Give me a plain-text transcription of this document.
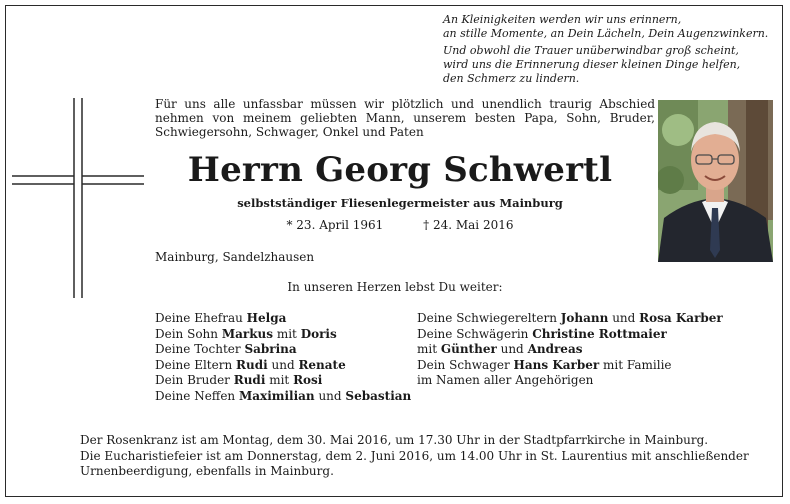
An Kleinigkeiten werden wir uns erinnern,
an stille Momente, an Dein Lächeln, Dein Augenzwinkern.

Und obwohl die Trauer unüberwindbar groß scheint,
wird uns die Erinnerung dieser kleinen Dinge helfen,
den Schmerz zu lindern.

Für uns alle unfassbar müssen wir plötzlich und unendlich traurig Abschied nehmen von meinem geliebten Mann, unserem besten Papa, Sohn, Bruder, Schwiegersohn, Schwager, Onkel und Paten
Herrn Georg Schwertl
selbstständiger Fliesenlegermeister aus Mainburg
* 23. April 1961	† 24. Mai 2016
Mainburg, Sandelzhausen
In unseren Herzen lebst Du weiter:
Deine Ehefrau Helga
Dein Sohn Markus mit Doris
Deine Tochter Sabrina
Deine Eltern Rudi und Renate
Dein Bruder Rudi mit Rosi
Deine Neffen Maximilian und Sebastian
Deine Schwiegereltern Johann und Rosa Karber
Deine Schwägerin Christine Rottmaier
mit Günther und Andreas
Dein Schwager Hans Karber mit Familie
im Namen aller Angehörigen
Der Rosenkranz ist am Montag, dem 30. Mai 2016, um 17.30 Uhr in der Stadtpfarrkirche in Mainburg.
Die Eucharistiefeier ist am Donnerstag, dem 2. Juni 2016, um 14.00 Uhr in St. Laurentius mit anschließender
Urnenbeerdigung, ebenfalls in Mainburg.
